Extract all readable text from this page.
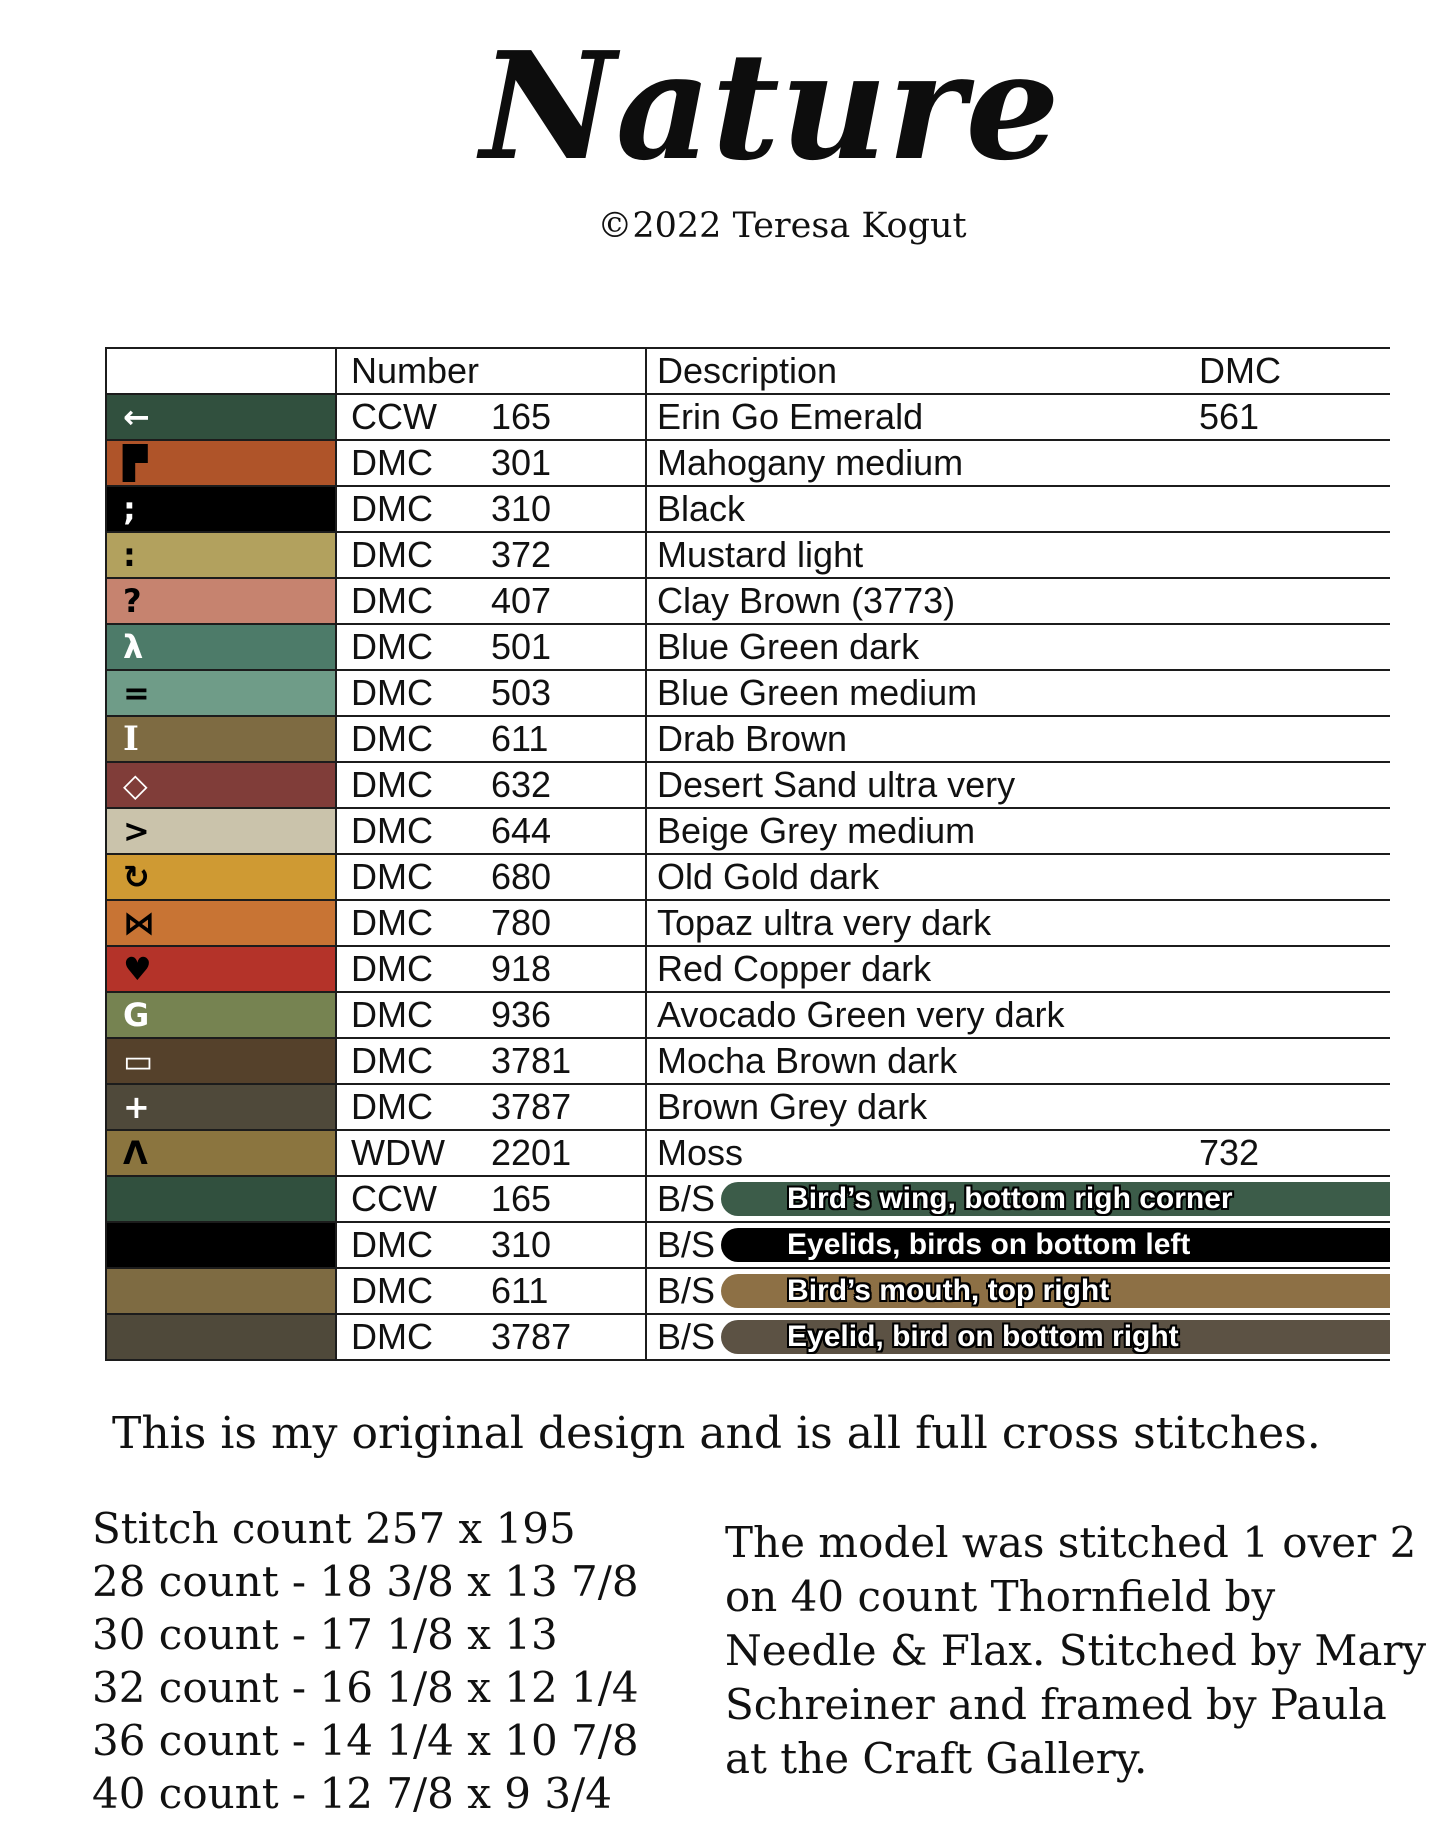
Nature
©2022 Teresa Kogut
Number	Description	DMC
←	CCW	165	Erin Go Emerald	561
▛	DMC	301	Mahogany medium
;	DMC	310	Black
:	DMC	372	Mustard light
?	DMC	407	Clay Brown (3773)
λ	DMC	501	Blue Green dark
=	DMC	503	Blue Green medium
I	DMC	611	Drab Brown
◇	DMC	632	Desert Sand ultra very
>	DMC	644	Beige Grey medium
↻	DMC	680	Old Gold dark
⋈	DMC	780	Topaz ultra very dark
♥	DMC	918	Red Copper dark
G	DMC	936	Avocado Green very dark
▭	DMC	3781 Mocha Brown dark
+	DMC	3787 Brown Grey dark
Λ	WDW	2201 Moss	732
CCW	165	B/S Bird’s wing, bottom righ corner
DMC	310	B/S Eyelids, birds on bottom left
DMC	611	B/S Bird’s mouth, top right
DMC	3787 B/S Eyelid, bird on bottom right
This is my original design and is all full cross stitches.
Stitch count 257 x 195
28 count - 18 3/8 x 13 7/8
30 count - 17 1/8 x 13
32 count - 16 1/8 x 12 1/4
36 count - 14 1/4 x 10 7/8
40 count - 12 7/8 x 9 3/4
The model was stitched 1 over 2
on 40 count Thornfield by
Needle & Flax. Stitched by Mary
Schreiner and framed by Paula
at the Craft Gallery.
